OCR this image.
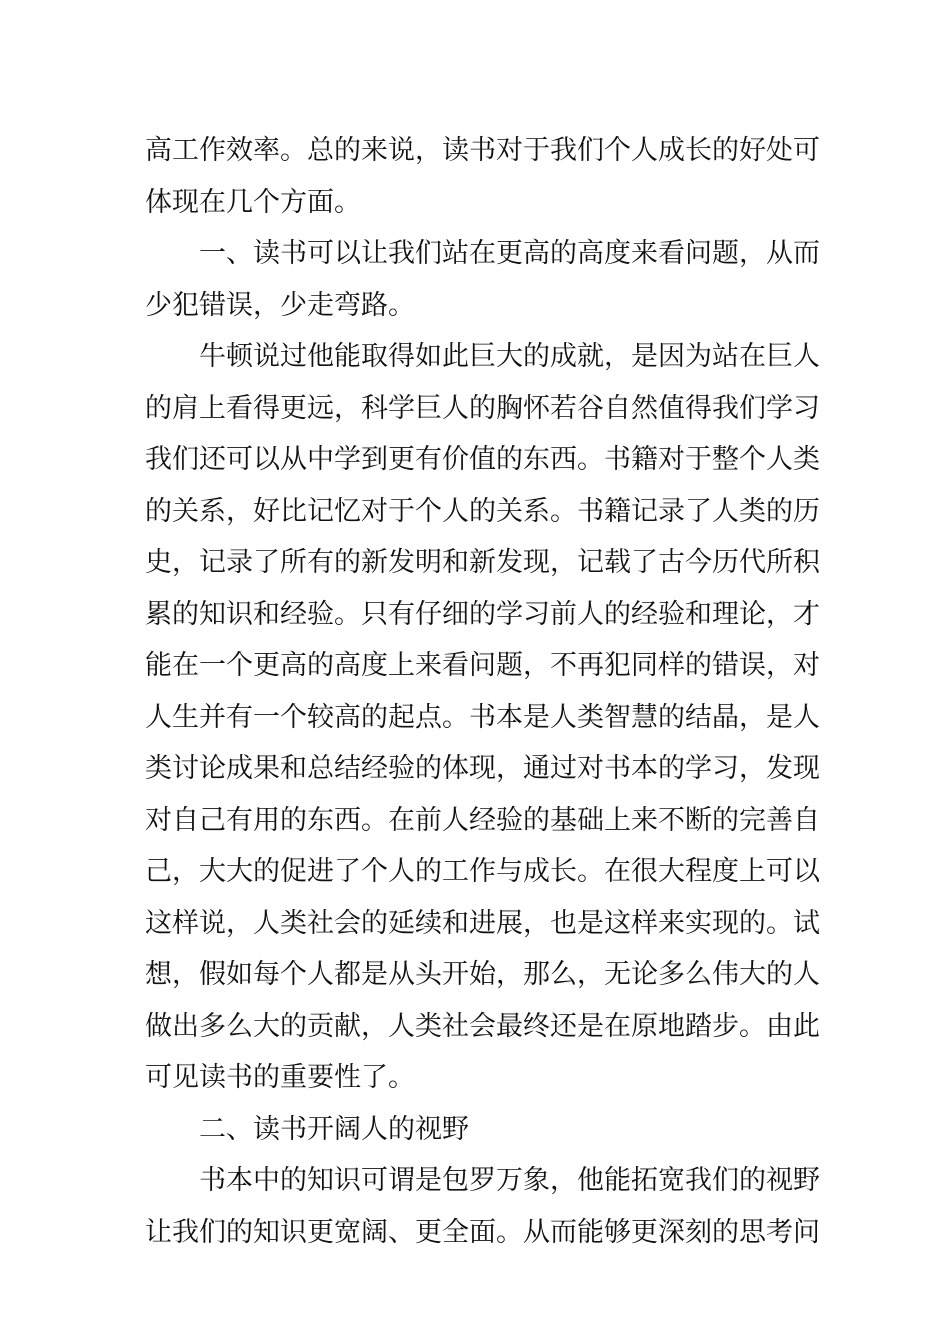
高工作效率。总的来说，读书对于我们个人成长的好处可
体现在几个方面。
一、读书可以让我们站在更高的高度来看问题，从而
少犯错误，少走弯路。
牛顿说过他能取得如此巨大的成就，是因为站在巨人
的肩上看得更远，科学巨人的胸怀若谷自然值得我们学习
我们还可以从中学到更有价值的东西。书籍对于整个人类
的关系，好比记忆对于个人的关系。书籍记录了人类的历
史，记录了所有的新发明和新发现，记载了古今历代所积
累的知识和经验。只有仔细的学习前人的经验和理论，才
能在一个更高的高度上来看问题，不再犯同样的错误，对
人生并有一个较高的起点。书本是人类智慧的结晶，是人
类讨论成果和总结经验的体现，通过对书本的学习，发现
对自己有用的东西。在前人经验的基础上来不断的完善自
己，大大的促进了个人的工作与成长。在很大程度上可以
这样说，人类社会的延续和进展，也是这样来实现的。试
想，假如每个人都是从头开始，那么，无论多么伟大的人
做出多么大的贡献，人类社会最终还是在原地踏步。由此
可见读书的重要性了。
二、读书开阔人的视野
书本中的知识可谓是包罗万象，他能拓宽我们的视野
让我们的知识更宽阔、更全面。从而能够更深刻的思考问
